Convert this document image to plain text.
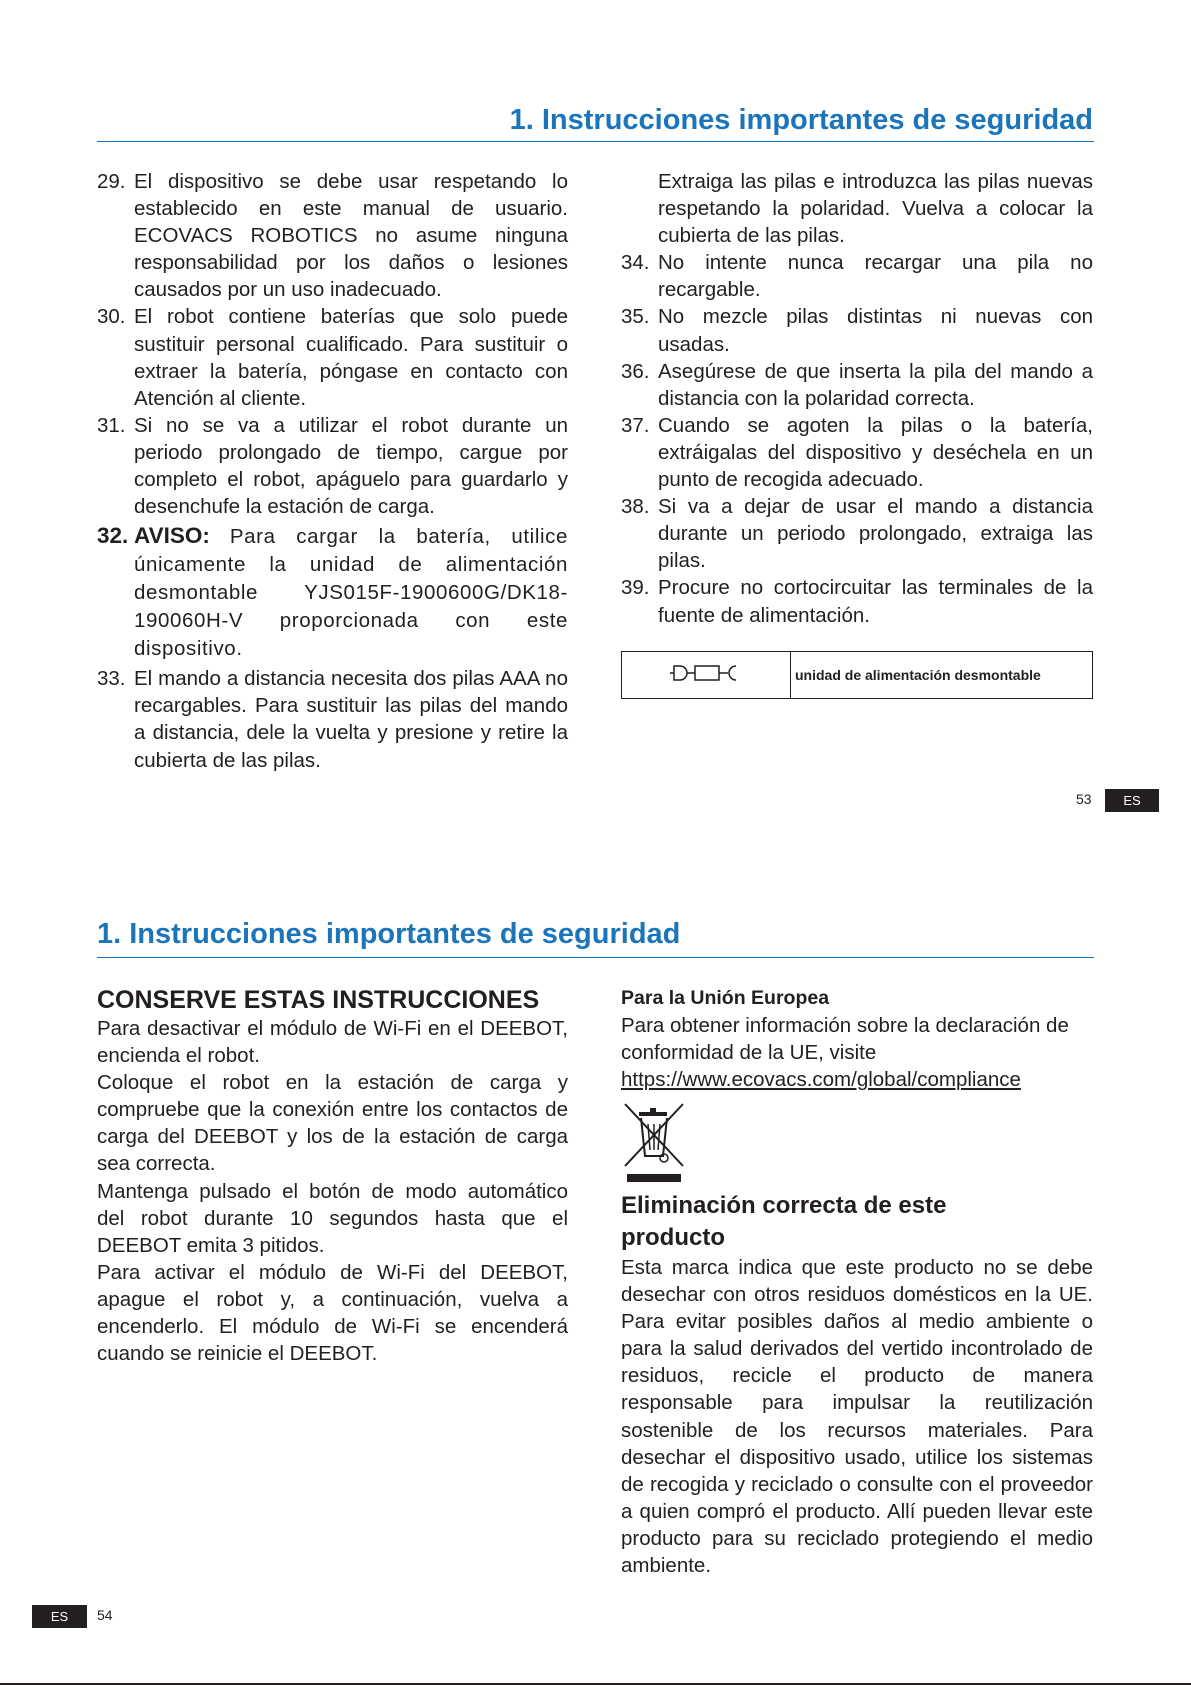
1. Instrucciones importantes de seguridad
29. El dispositivo se debe usar respetando lo establecido en este manual de usuario. ECOVACS ROBOTICS no asume ninguna responsabilidad por los daños o lesiones causados por un uso inadecuado.
30. El robot contiene baterías que solo puede sustituir personal cualificado. Para sustituir o extraer la batería, póngase en contacto con Atención al cliente.
31. Si no se va a utilizar el robot durante un periodo prolongado de tiempo, cargue por completo el robot, apáguelo para guardarlo y desenchufe la estación de carga.
32. AVISO: Para cargar la batería, utilice únicamente la unidad de alimentación desmontable YJS015F-1900600G/DK18-190060H-V proporcionada con este dispositivo.
33. El mando a distancia necesita dos pilas AAA no recargables. Para sustituir las pilas del mando a distancia, dele la vuelta y presione y retire la cubierta de las pilas.

Extraiga las pilas e introduzca las pilas nuevas respetando la polaridad. Vuelva a colocar la cubierta de las pilas.

34. No intente nunca recargar una pila no recargable.
35. No mezcle pilas distintas ni nuevas con usadas.
36. Asegúrese de que inserta la pila del mando a distancia con la polaridad correcta.
37. Cuando se agoten la pilas o la batería, extráigalas del dispositivo y deséchela en un punto de recogida adecuado.
38. Si va a dejar de usar el mando a distancia durante un periodo prolongado, extraiga las pilas.
39. Procure no cortocircuitar las terminales de la fuente de alimentación.
unidad de alimentación desmontable
53	ES
1. Instrucciones importantes de seguridad

CONSERVE ESTAS INSTRUCCIONES

Para desactivar el módulo de Wi-Fi en el DEEBOT, encienda el robot.

Coloque el robot en la estación de carga y compruebe que la conexión entre los contactos de carga del DEEBOT y los de la estación de carga sea correcta.

Mantenga pulsado el botón de modo automático del robot durante 10 segundos hasta que el DEEBOT emita 3 pitidos.

Para activar el módulo de Wi-Fi del DEEBOT, apague el robot y, a continuación, vuelva a encenderlo. El módulo de Wi-Fi se encenderá cuando se reinicie el DEEBOT.

Para la Unión Europea

Para obtener información sobre la declaración de conformidad de la UE, visite

https://www.ecovacs.com/global/compliance

Eliminación correcta de este producto

Esta marca indica que este producto no se debe desechar con otros residuos domésticos en la UE. Para evitar posibles daños al medio ambiente o para la salud derivados del vertido incontrolado de residuos, recicle el producto de manera responsable para impulsar la reutilización sostenible de los recursos materiales. Para desechar el dispositivo usado, utilice los sistemas de recogida y reciclado o consulte con el proveedor a quien compró el producto. Allí pueden llevar este producto para su reciclado protegiendo el medio ambiente.

ES	54
